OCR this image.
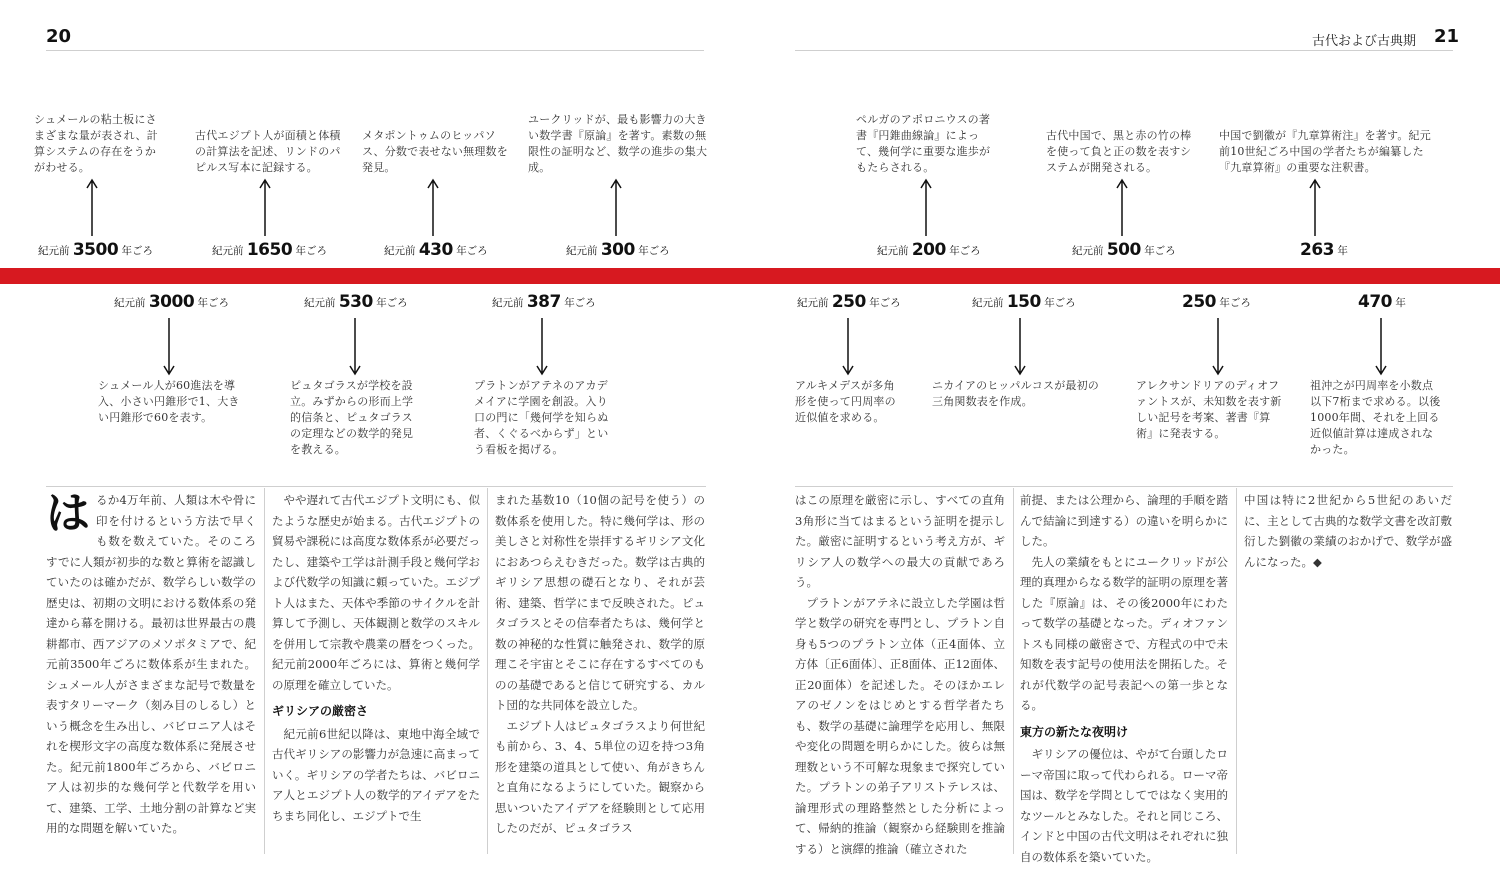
20	古代および古典期 21
シュメールの粘土板にさまざまな量が表され、計算システムの存在をうかがわせる。
紀元前 3500 年ごろ
古代エジプト人が面積と体積の計算法を記述、リンドのパピルス写本に記録する。
紀元前 1650 年ごろ
メタポントゥムのヒッパソス、分数で表せない無理数を発見。
紀元前 430 年ごろ
ユークリッドが、最も影響力の大きい数学書『原論』を著す。素数の無限性の証明など、数学の進歩の集大成。
紀元前 300 年ごろ
ペルガのアポロニウスの著書『円錐曲線論』によって、幾何学に重要な進歩がもたらされる。
紀元前 200 年ごろ
古代中国で、黒と赤の竹の棒を使って負と正の数を表すシステムが開発される。
紀元前 500 年ごろ
中国で劉徽が『九章算術注』を著す。紀元前10世紀ごろ中国の学者たちが編纂した『九章算術』の重要な注釈書。
263 年
紀元前 3000 年ごろ
シュメール人が60進法を導入、小さい円錐形で1、大きい円錐形で60を表す。
紀元前 530 年ごろ
ピュタゴラスが学校を設立。みずからの形而上学的信条と、ピュタゴラスの定理などの数学的発見を教える。
紀元前 387 年ごろ
プラトンがアテネのアカデメイアに学園を創設。入り口の門に「幾何学を知らぬ者、くぐるべからず」という看板を掲げる。
紀元前 250 年ごろ
アルキメデスが多角形を使って円周率の近似値を求める。
紀元前 150 年ごろ
ニカイアのヒッパルコスが最初の三角関数表を作成。
250 年ごろ
アレクサンドリアのディオファントスが、未知数を表す新しい記号を考案、著書『算術』に発表する。
470 年
祖沖之が円周率を小数点以下7桁まで求める。以後1000年間、それを上回る近似値計算は達成されなかった。

はるか4万年前、人類は木や骨に印を付けるという方法で早くも数を数えていた。そのころすでに人類が初歩的な数と算術を認識していたのは確かだが、数学らしい数学の歴史は、初期の文明における数体系の発達から幕を開ける。最初は世界最古の農耕都市、西アジアのメソポタミアで、紀元前3500年ごろに数体系が生まれた。シュメール人がさまざまな記号で数量を表すタリーマーク（刻み目のしるし）という概念を生み出し、バビロニア人はそれを楔形文字の高度な数体系に発展させた。紀元前1800年ごろから、バビロニア人は初歩的な幾何学と代数学を用いて、建築、工学、土地分割の計算など実用的な問題を解いていた。

やや遅れて古代エジプト文明にも、似たような歴史が始まる。古代エジプトの貿易や課税には高度な数体系が必要だったし、建築や工学は計測手段と幾何学および代数学の知識に頼っていた。エジプト人はまた、天体や季節のサイクルを計算して予測し、天体観測と数学のスキルを併用して宗教や農業の暦をつくった。紀元前2000年ごろには、算術と幾何学の原理を確立していた。

ギリシアの厳密さ

紀元前6世紀以降は、東地中海全域で古代ギリシアの影響力が急速に高まっていく。ギリシアの学者たちは、バビロニア人とエジプト人の数学的アイデアをたちまち同化し、エジプトで生

まれた基数10（10個の記号を使う）の数体系を使用した。特に幾何学は、形の美しさと対称性を崇拝するギリシア文化におあつらえむきだった。数学は古典的ギリシア思想の礎石となり、それが芸術、建築、哲学にまで反映された。ピュタゴラスとその信奉者たちは、幾何学と数の神秘的な性質に触発され、数学的原理こそ宇宙とそこに存在するすべてのものの基礎であると信じて研究する、カルト団的な共同体を設立した。

エジプト人はピュタゴラスより何世紀も前から、3、4、5単位の辺を持つ3角形を建築の道具として使い、角がきちんと直角になるようにしていた。観察から思いついたアイデアを経験則として応用したのだが、ピュタゴラス

はこの原理を厳密に示し、すべての直角3角形に当てはまるという証明を提示した。厳密に証明するという考え方が、ギリシア人の数学への最大の貢献であろう。

プラトンがアテネに設立した学園は哲学と数学の研究を専門とし、プラトン自身も5つのプラトン立体（正4面体、立方体〔正6面体〕、正8面体、正12面体、正20面体）を記述した。そのほかエレアのゼノンをはじめとする哲学者たちも、数学の基礎に論理学を応用し、無限や変化の問題を明らかにした。彼らは無理数という不可解な現象まで探究していた。プラトンの弟子アリストテレスは、論理形式の理路整然とした分析によって、帰納的推論（観察から経験則を推論する）と演繹的推論（確立された

前提、または公理から、論理的手順を踏んで結論に到達する）の違いを明らかにした。

先人の業績をもとにユークリッドが公理的真理からなる数学的証明の原理を著した『原論』は、その後2000年にわたって数学の基礎となった。ディオファントスも同様の厳密さで、方程式の中で未知数を表す記号の使用法を開拓した。それが代数学の記号表記への第一歩となる。

東方の新たな夜明け

ギリシアの優位は、やがて台頭したローマ帝国に取って代わられる。ローマ帝国は、数学を学問としてではなく実用的なツールとみなした。それと同じころ、インドと中国の古代文明はそれぞれに独自の数体系を築いていた。

中国は特に2世紀から5世紀のあいだに、主として古典的な数学文書を改訂敷衍した劉徽の業績のおかげで、数学が盛んになった。◆
